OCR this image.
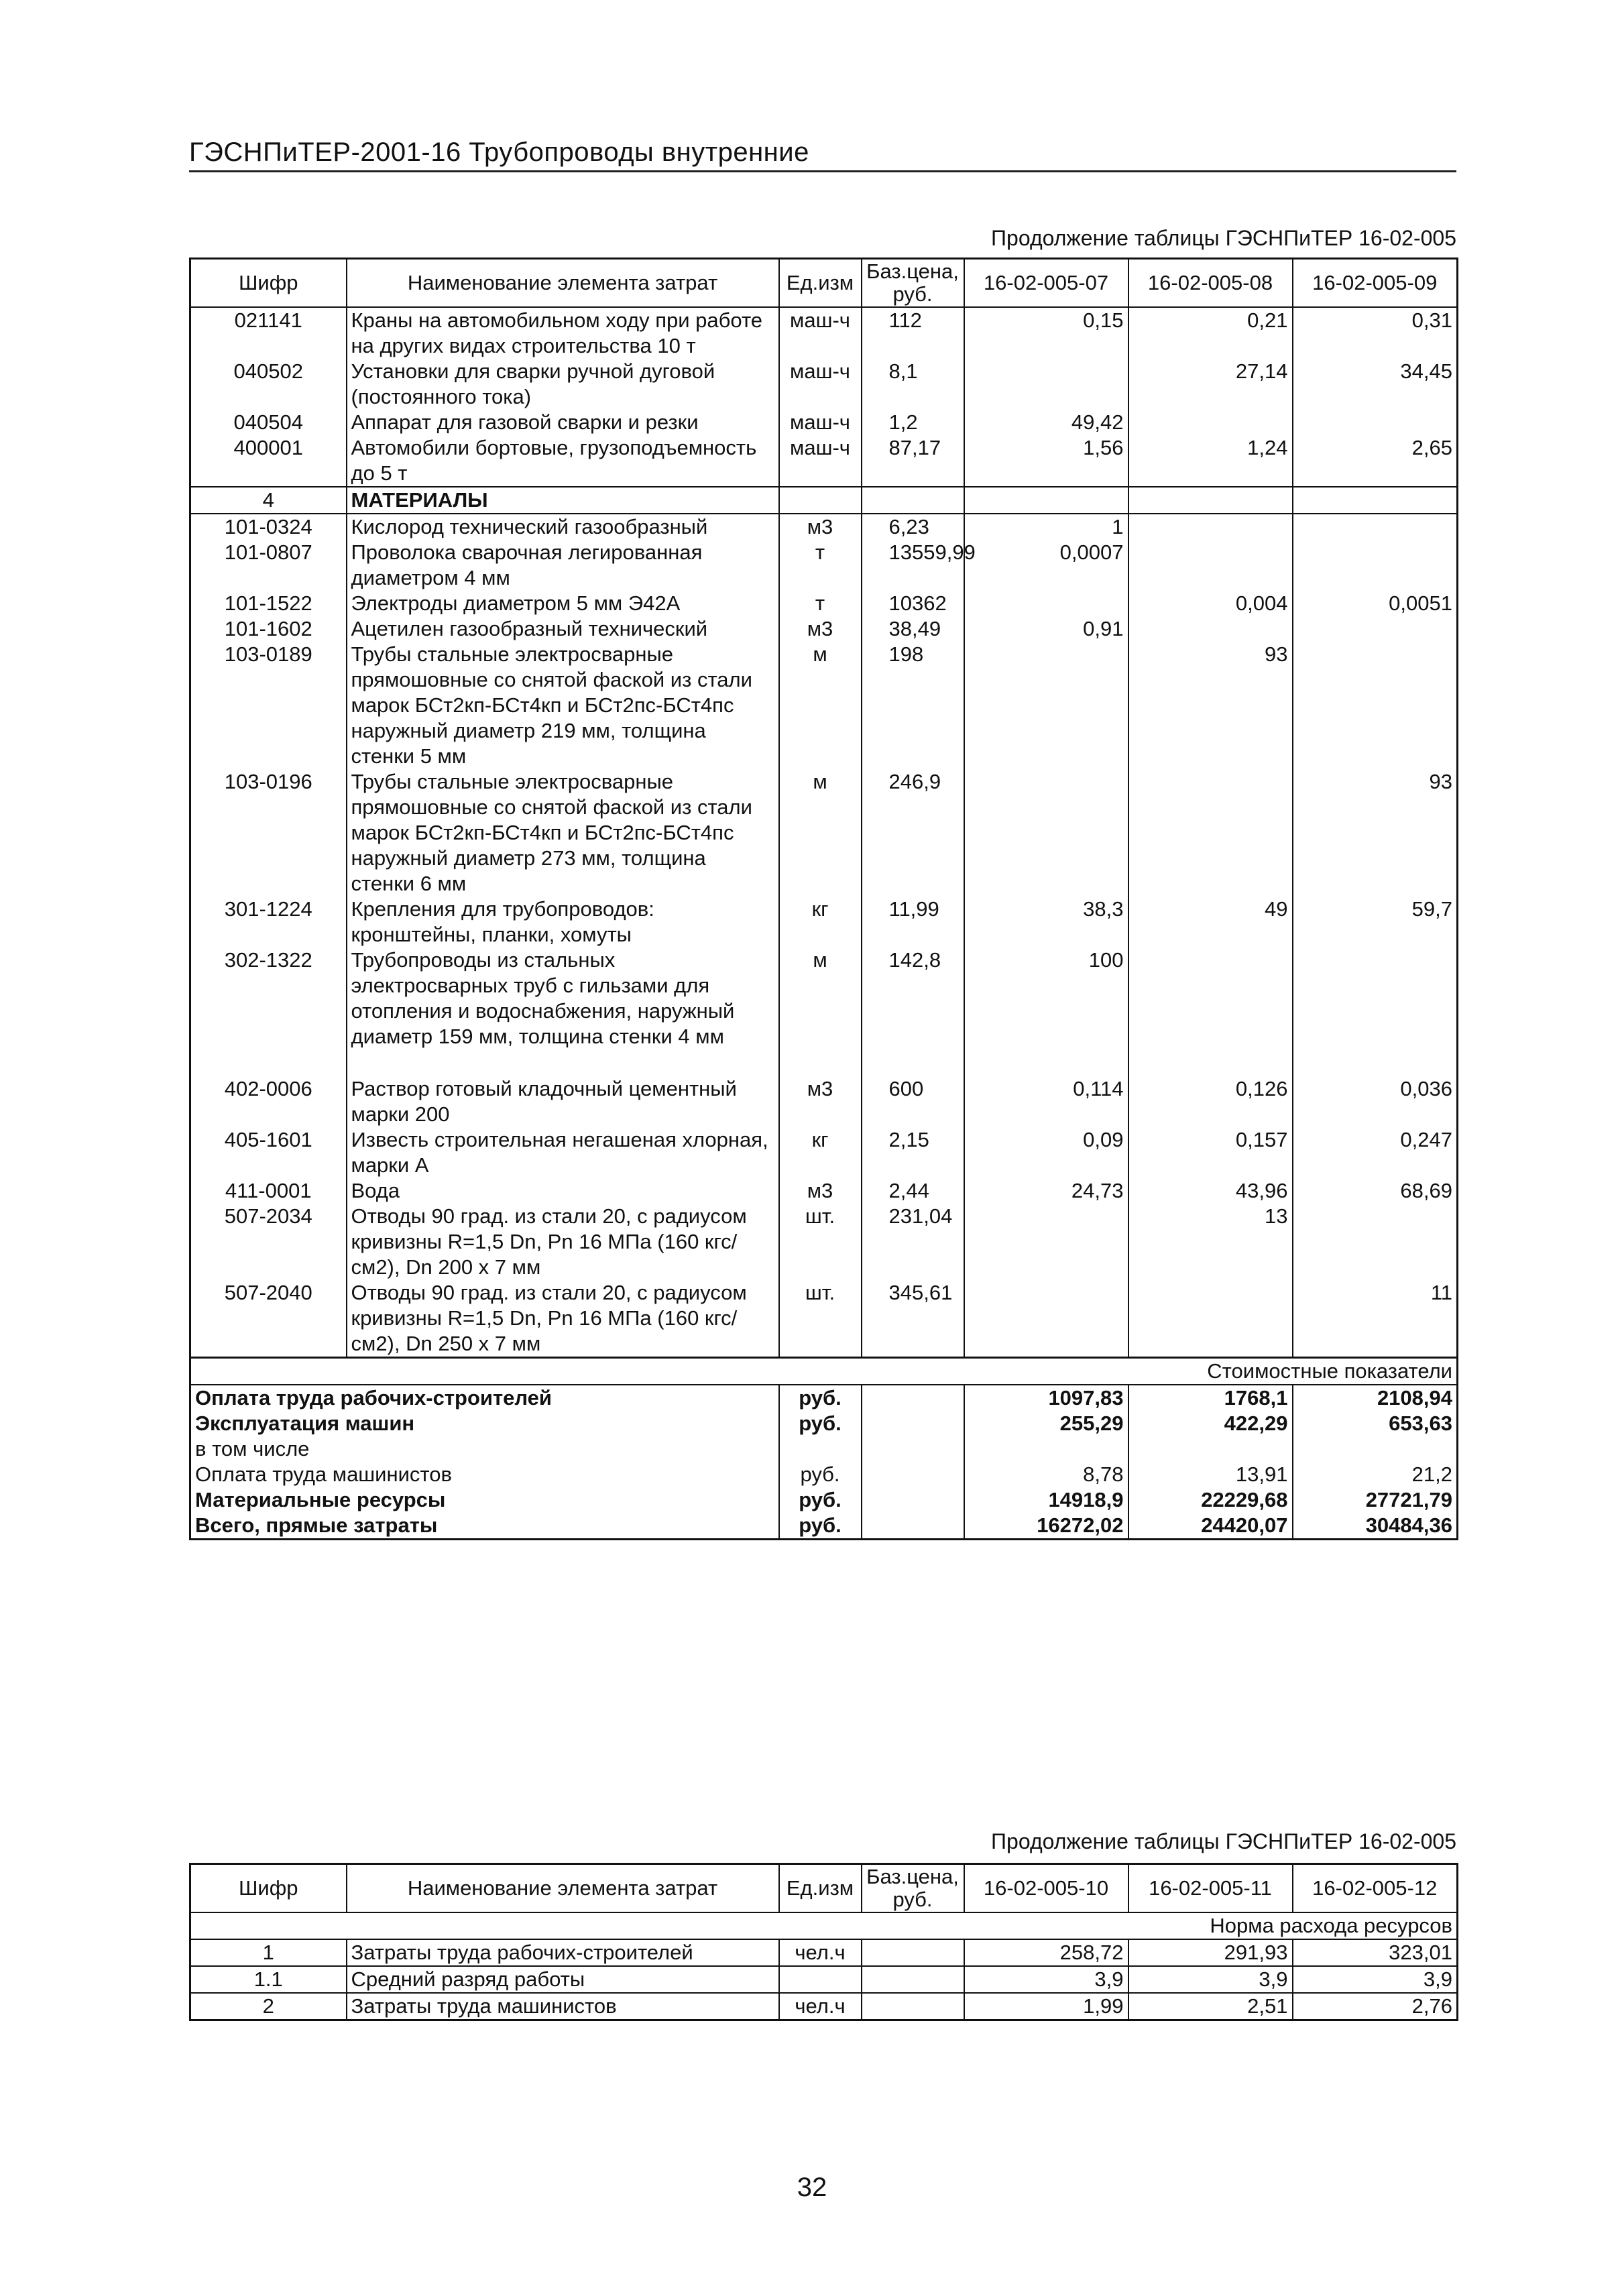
ГЭСНПиТЕР-2001-16 Трубопроводы внутренние
Продолжение таблицы ГЭСНПиТЕР 16-02-005
Шифр	Наименование элемента затрат	Ед.изм	Баз.цена, руб.	16-02-005-07	16-02-005-08	16-02-005-09
021141	Краны на автомобильном ходу при работе на других видах строительства 10 т	маш-ч	112	0,15	0,21	0,31
040502	Установки для сварки ручной дуговой (постоянного тока)	маш-ч	8,1		27,14	34,45
040504	Аппарат для газовой сварки и резки	маш-ч	1,2	49,42		
400001	Автомобили бортовые, грузоподъемность до 5 т	маш-ч	87,17	1,56	1,24	2,65
4	МАТЕРИАЛЫ					
101-0324	Кислород технический газообразный	м3	6,23	1		
101-0807	Проволока сварочная легированная диаметром 4 мм	т	13559,99	0,0007		
101-1522	Электроды диаметром 5 мм Э42А	т	10362		0,004	0,0051
101-1602	Ацетилен газообразный технический	м3	38,49	0,91		
103-0189	Трубы стальные электросварные прямошовные со снятой фаской из стали марок БСт2кп-БСт4кп и БСт2пс-БСт4пс наружный диаметр 219 мм, толщина стенки 5 мм	м	198		93	
103-0196	Трубы стальные электросварные прямошовные со снятой фаской из стали марок БСт2кп-БСт4кп и БСт2пс-БСт4пс наружный диаметр 273 мм, толщина стенки 6 мм	м	246,9			93
301-1224	Крепления для трубопроводов: кронштейны, планки, хомуты	кг	11,99	38,3	49	59,7
302-1322	Трубопроводы из стальных электросварных труб с гильзами для отопления и водоснабжения, наружный диаметр 159 мм, толщина стенки 4 мм	м	142,8	100		

402-0006	Раствор готовый кладочный цементный марки 200	м3	600	0,114	0,126	0,036
405-1601	Известь строительная негашеная хлорная, марки А	кг	2,15	0,09	0,157	0,247
411-0001	Вода	м3	2,44	24,73	43,96	68,69
507-2034	Отводы 90 град. из стали 20, с радиусом кривизны R=1,5 Dn, Pn 16 МПа (160 кгс/см2), Dn 200 x 7 мм	шт.	231,04		13	
507-2040	Отводы 90 град. из стали 20, с радиусом кривизны R=1,5 Dn, Pn 16 МПа (160 кгс/см2), Dn 250 x 7 мм	шт.	345,61			11
Стоимостные показатели						
Оплата труда рабочих-строителей		руб.		1097,83	1768,1	2108,94
Эксплуатация машин		руб.		255,29	422,29	653,63
в том числе						
Оплата труда машинистов		руб.		8,78	13,91	21,2
Материальные ресурсы		руб.		14918,9	22229,68	27721,79
Всего, прямые затраты		руб.		16272,02	24420,07	30484,36
Продолжение таблицы ГЭСНПиТЕР 16-02-005
Шифр	Наименование элемента затрат	Ед.изм	Баз.цена, руб.	16-02-005-10	16-02-005-11	16-02-005-12
Норма расхода ресурсов						
1	Затраты труда рабочих-строителей	чел.ч		258,72	291,93	323,01
1.1	Средний разряд работы			3,9	3,9	3,9
2	Затраты труда машинистов	чел.ч		1,99	2,51	2,76
32
